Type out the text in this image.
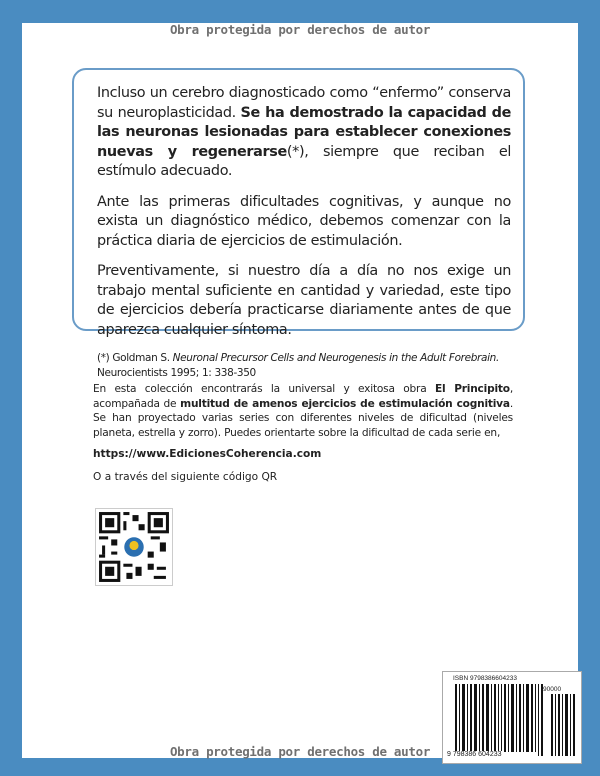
Obra protegida por derechos de autor

Incluso un cerebro diagnosticado como “enfermo” conserva su neuroplasticidad. Se ha demostrado la capacidad de las neuronas lesionadas para establecer conexiones nuevas y regenerarse(*), siempre que reciban el estímulo adecuado.

Ante las primeras dificultades cognitivas, y aunque no exista un diagnóstico médico, debemos comenzar con la práctica diaria de ejercicios de estimulación.

Preventivamente, si nuestro día a día no nos exige un trabajo mental suficiente en cantidad y variedad, este tipo de ejercicios debería practicarse diariamente antes de que aparezca cualquier síntoma.

(*) Goldman S. Neuronal Precursor Cells and Neurogenesis in the Adult Forebrain. Neurocientists 1995; 1: 338-350

En esta colección encontrarás la universal y exitosa obra El Principito, acompañada de multitud de amenos ejercicios de estimulación cognitiva. Se han proyectado varias series con diferentes niveles de dificultad (niveles planeta, estrella y zorro). Puedes orientarte sobre la dificultad de cada serie en,
https://www.EdicionesCoherencia.com
O a través del siguiente código QR
ISBN 9798386604233
90000
9 798386 604233
Obra protegida por derechos de autor
